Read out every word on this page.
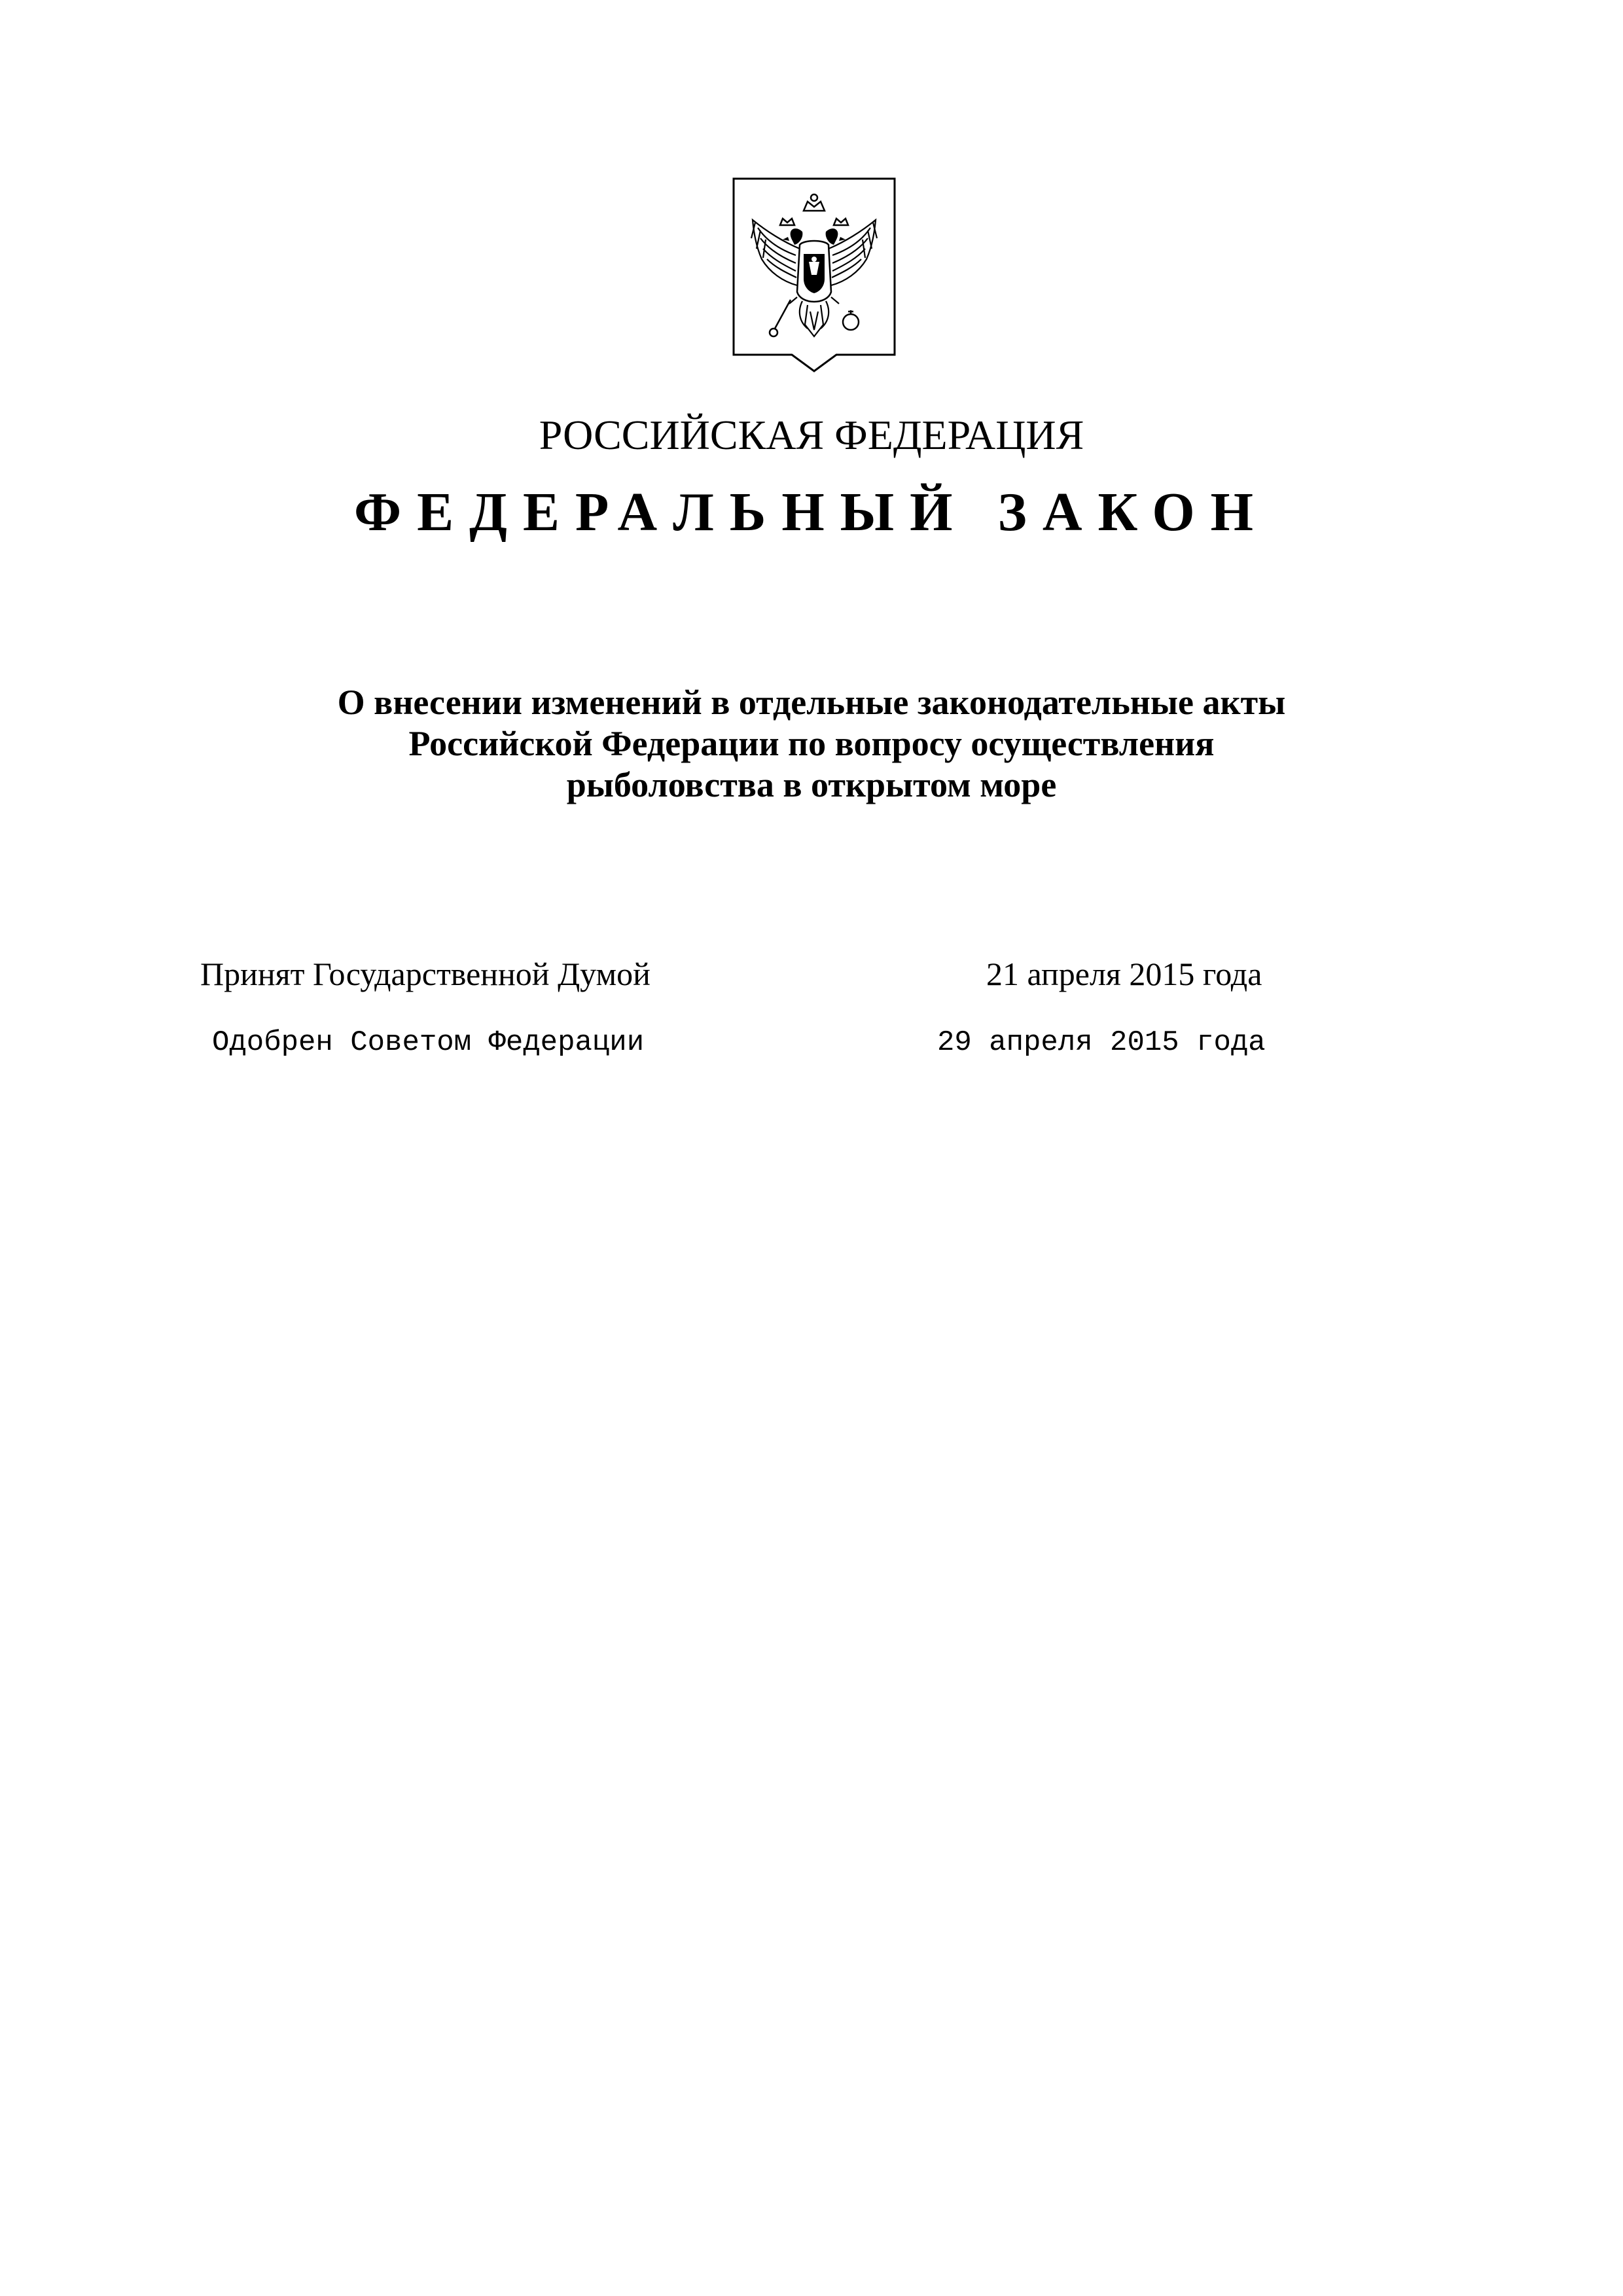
РОССИЙСКАЯ ФЕДЕРАЦИЯ
ФЕДЕРАЛЬНЫЙ ЗАКОН
О внесении изменений в отдельные законодательные акты
Российской Федерации по вопросу осуществления
рыболовства в открытом море
Принят Государственной Думой	21 апреля 2015 года
Одобрен Советом Федерации	29 апреля 2015 года
